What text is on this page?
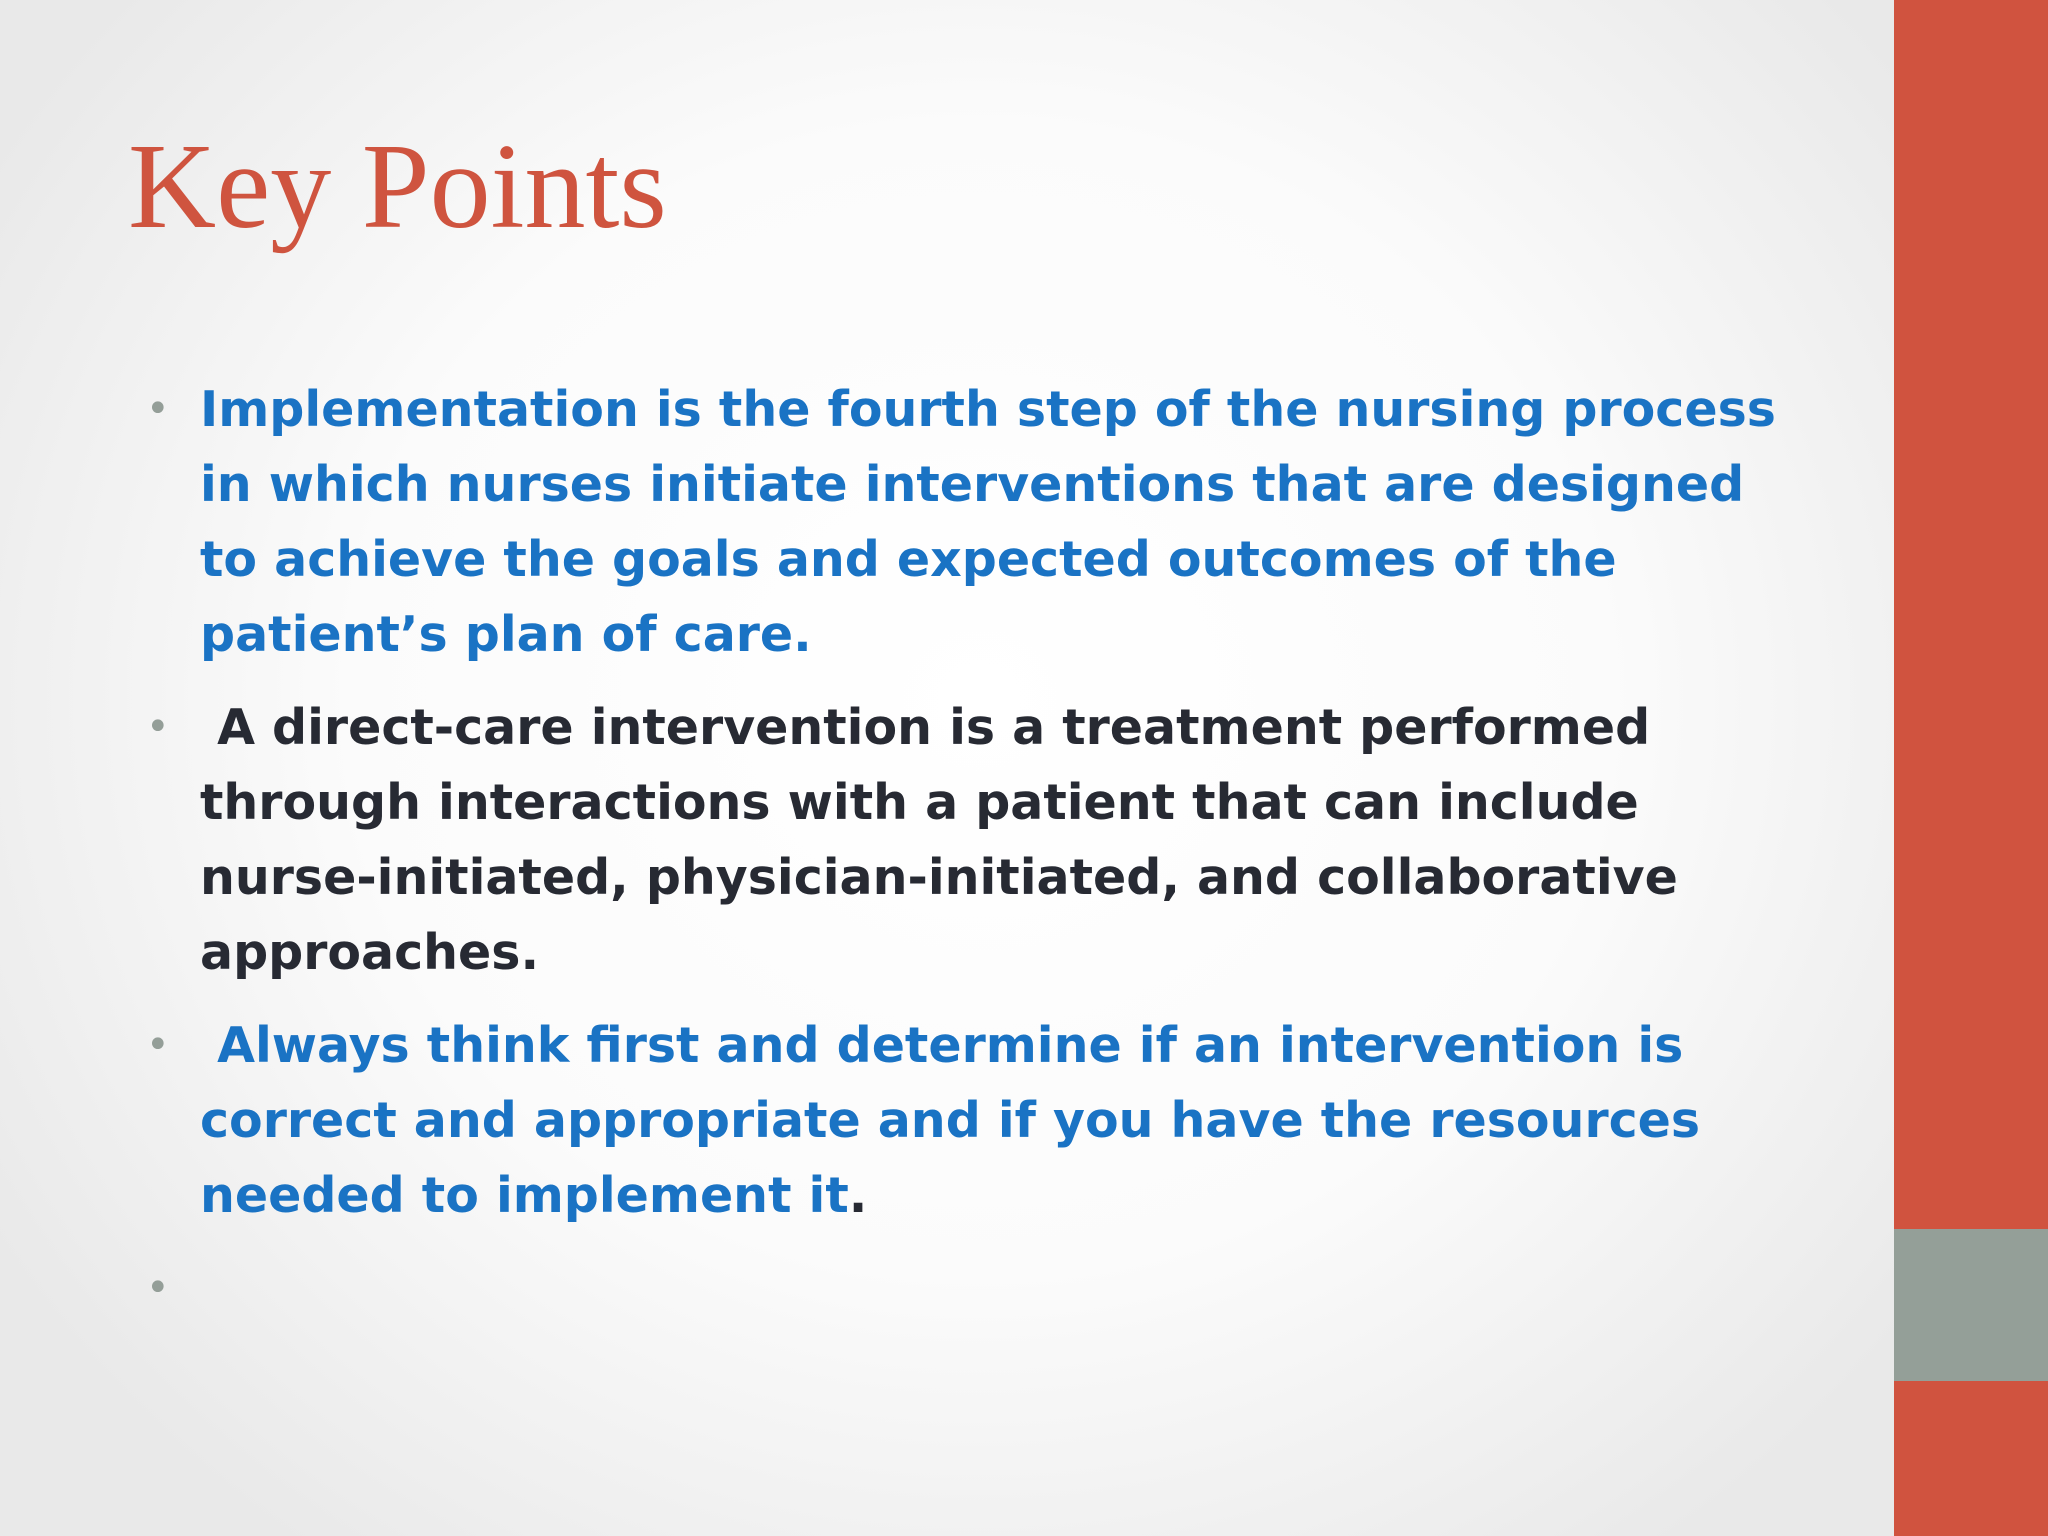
Key Points
• Implementation is the fourth step of the nursing process in which nurses initiate interventions that are designed to achieve the goals and expected outcomes of the patient’s plan of care.
• A direct-care intervention is a treatment performed through interactions with a patient that can include nurse-initiated, physician-initiated, and collaborative approaches.
• Always think first and determine if an intervention is correct and appropriate and if you have the resources needed to implement it.
•
